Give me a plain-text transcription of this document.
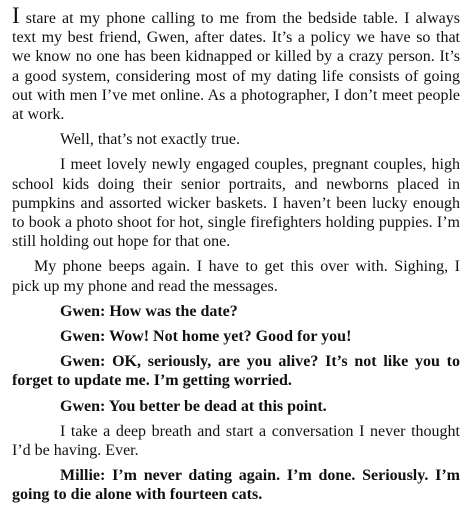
I stare at my phone calling to me from the bedside table. I always text my best friend, Gwen, after dates. It’s a policy we have so that we know no one has been kidnapped or killed by a crazy person. It’s a good system, considering most of my dating life consists of going out with men I’ve met online. As a photographer, I don’t meet people at work.

Well, that’s not exactly true.

I meet lovely newly engaged couples, pregnant couples, high school kids doing their senior portraits, and newborns placed in pumpkins and assorted wicker baskets. I haven’t been lucky enough to book a photo shoot for hot, single firefighters holding puppies. I’m still holding out hope for that one.

My phone beeps again. I have to get this over with. Sighing, I pick up my phone and read the messages.

Gwen: How was the date?

Gwen: Wow! Not home yet? Good for you!

Gwen: OK, seriously, are you alive? It’s not like you to forget to update me. I’m getting worried.

Gwen: You better be dead at this point.

I take a deep breath and start a conversation I never thought I’d be having. Ever.

Millie: I’m never dating again. I’m done. Seriously. I’m going to die alone with fourteen cats.
